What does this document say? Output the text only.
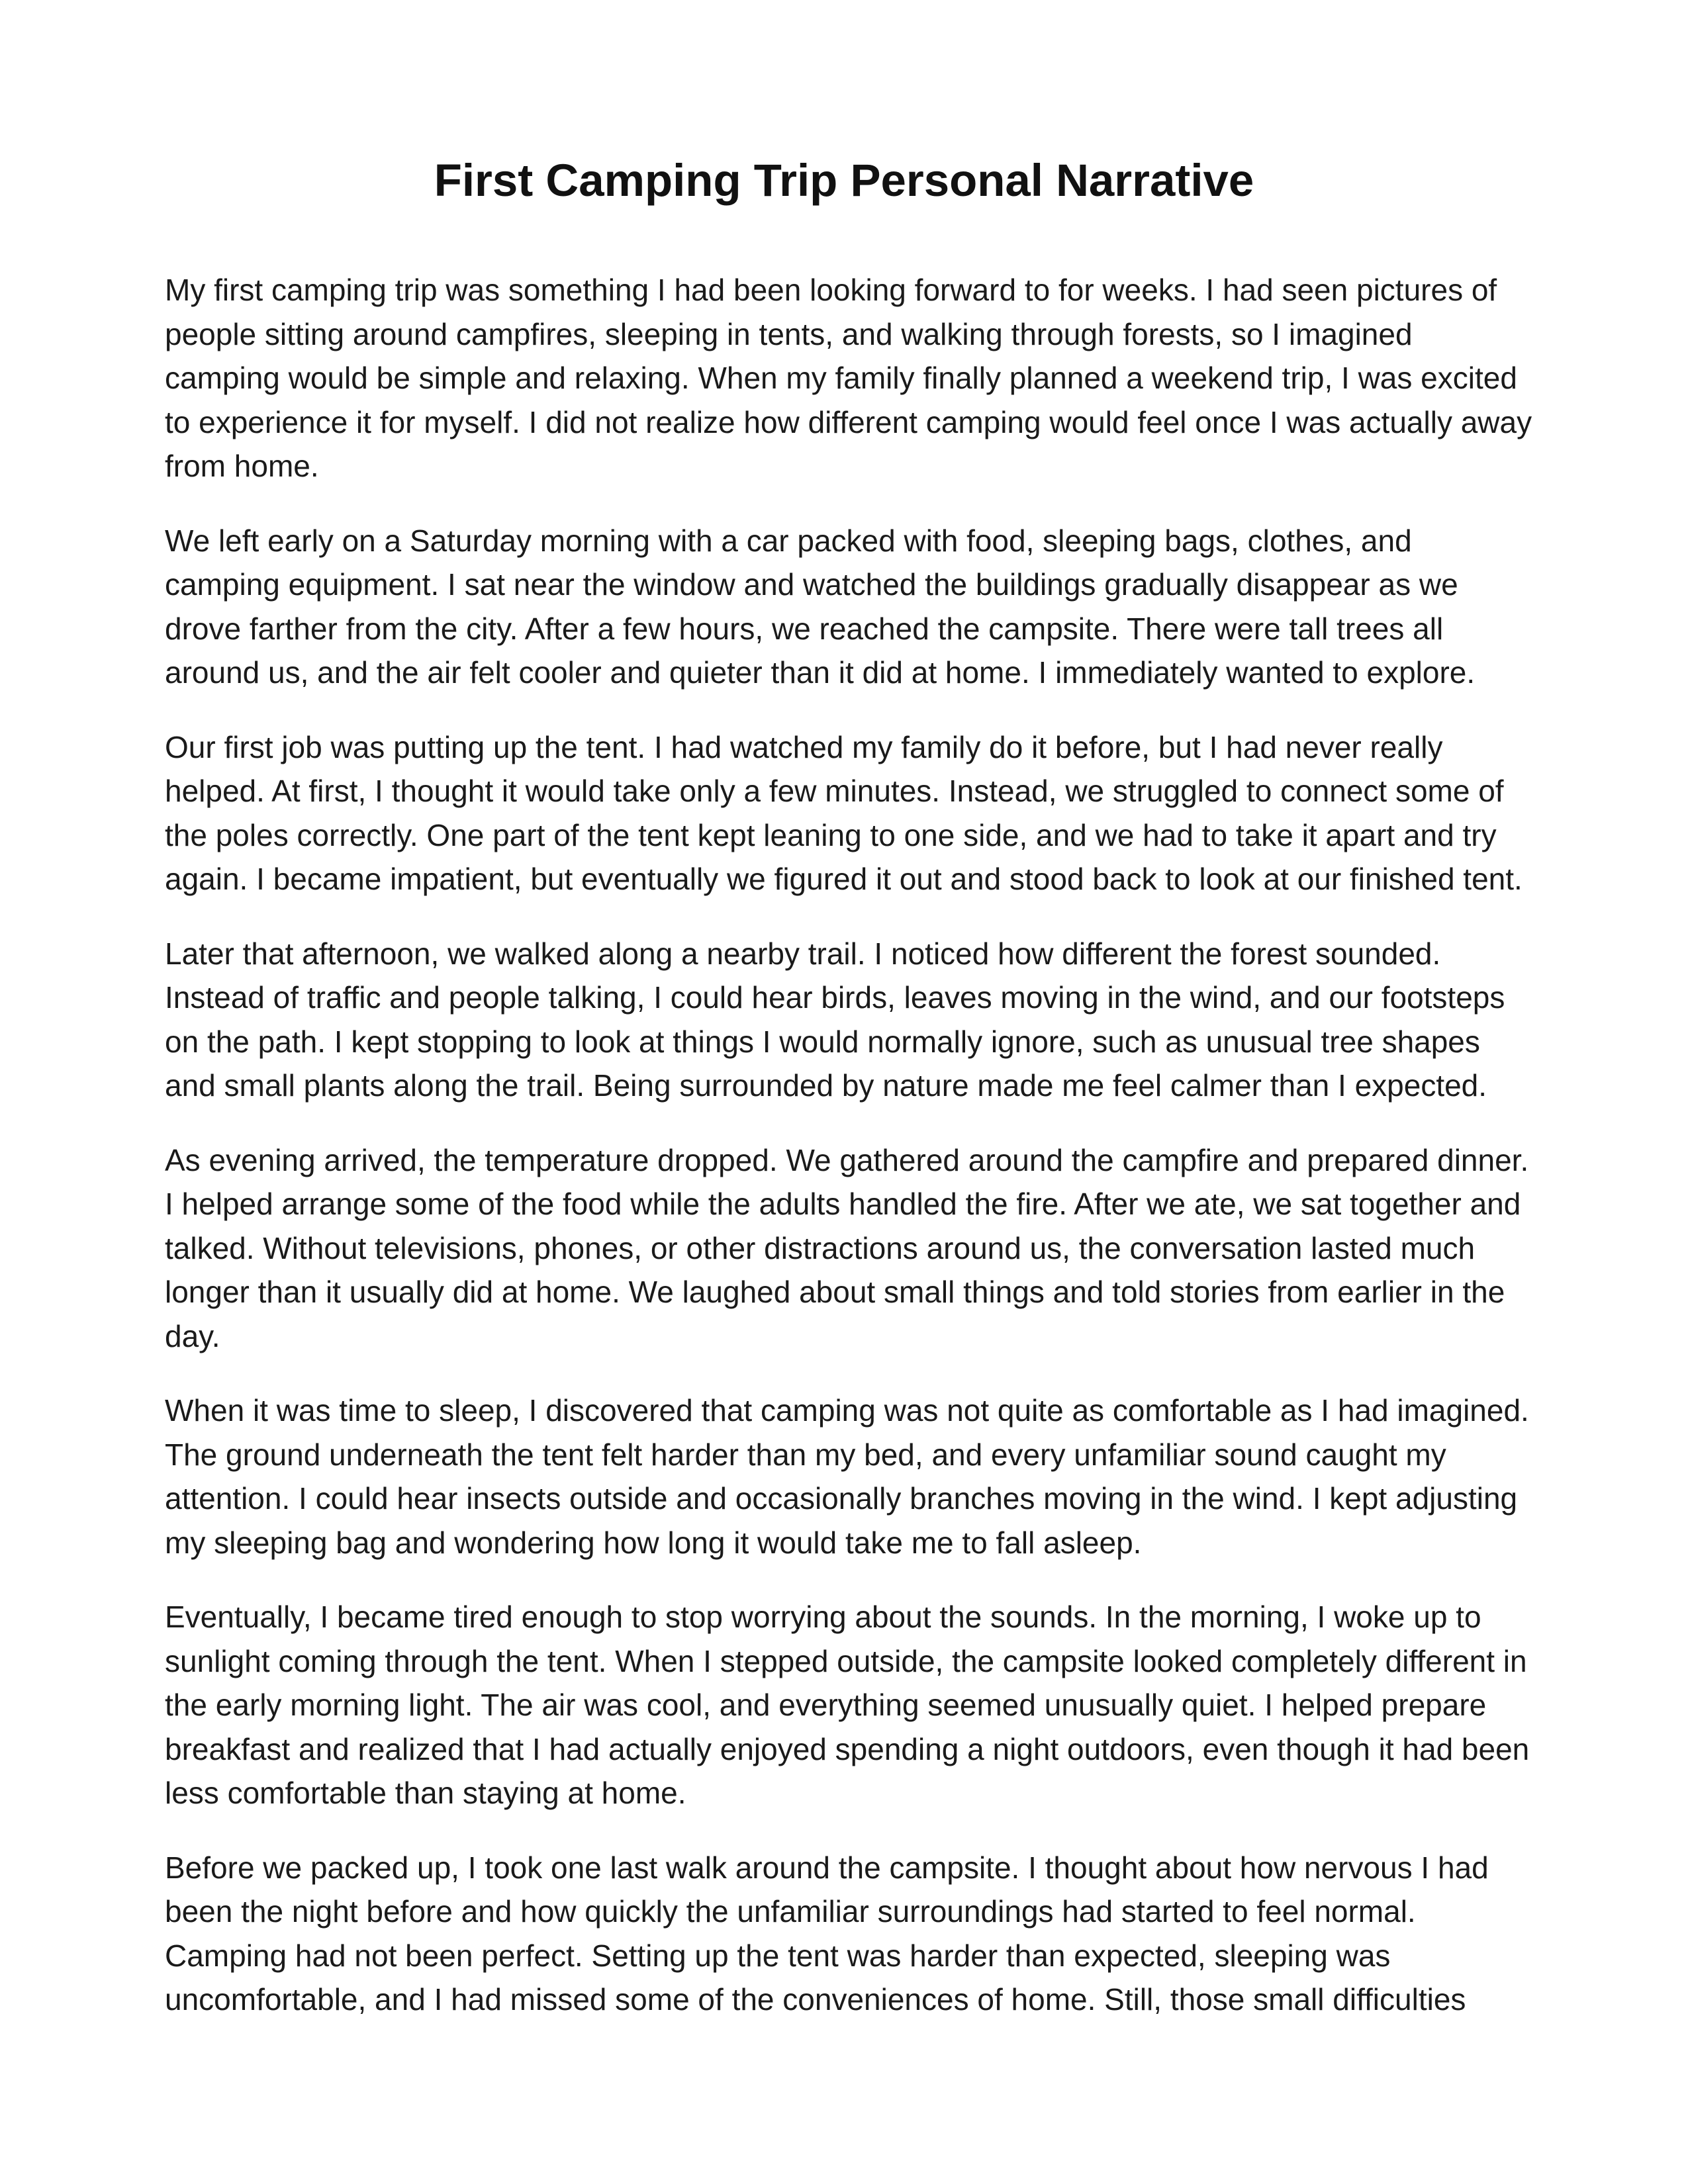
First Camping Trip Personal Narrative

My first camping trip was something I had been looking forward to for weeks. I had seen pictures of
people sitting around campfires, sleeping in tents, and walking through forests, so I imagined
camping would be simple and relaxing. When my family finally planned a weekend trip, I was excited
to experience it for myself. I did not realize how different camping would feel once I was actually away
from home.

We left early on a Saturday morning with a car packed with food, sleeping bags, clothes, and
camping equipment. I sat near the window and watched the buildings gradually disappear as we
drove farther from the city. After a few hours, we reached the campsite. There were tall trees all
around us, and the air felt cooler and quieter than it did at home. I immediately wanted to explore.

Our first job was putting up the tent. I had watched my family do it before, but I had never really
helped. At first, I thought it would take only a few minutes. Instead, we struggled to connect some of
the poles correctly. One part of the tent kept leaning to one side, and we had to take it apart and try
again. I became impatient, but eventually we figured it out and stood back to look at our finished tent.

Later that afternoon, we walked along a nearby trail. I noticed how different the forest sounded.
Instead of traffic and people talking, I could hear birds, leaves moving in the wind, and our footsteps
on the path. I kept stopping to look at things I would normally ignore, such as unusual tree shapes
and small plants along the trail. Being surrounded by nature made me feel calmer than I expected.

As evening arrived, the temperature dropped. We gathered around the campfire and prepared dinner.
I helped arrange some of the food while the adults handled the fire. After we ate, we sat together and
talked. Without televisions, phones, or other distractions around us, the conversation lasted much
longer than it usually did at home. We laughed about small things and told stories from earlier in the
day.

When it was time to sleep, I discovered that camping was not quite as comfortable as I had imagined.
The ground underneath the tent felt harder than my bed, and every unfamiliar sound caught my
attention. I could hear insects outside and occasionally branches moving in the wind. I kept adjusting
my sleeping bag and wondering how long it would take me to fall asleep.

Eventually, I became tired enough to stop worrying about the sounds. In the morning, I woke up to
sunlight coming through the tent. When I stepped outside, the campsite looked completely different in
the early morning light. The air was cool, and everything seemed unusually quiet. I helped prepare
breakfast and realized that I had actually enjoyed spending a night outdoors, even though it had been
less comfortable than staying at home.

Before we packed up, I took one last walk around the campsite. I thought about how nervous I had
been the night before and how quickly the unfamiliar surroundings had started to feel normal.
Camping had not been perfect. Setting up the tent was harder than expected, sleeping was
uncomfortable, and I had missed some of the conveniences of home. Still, those small difficulties
